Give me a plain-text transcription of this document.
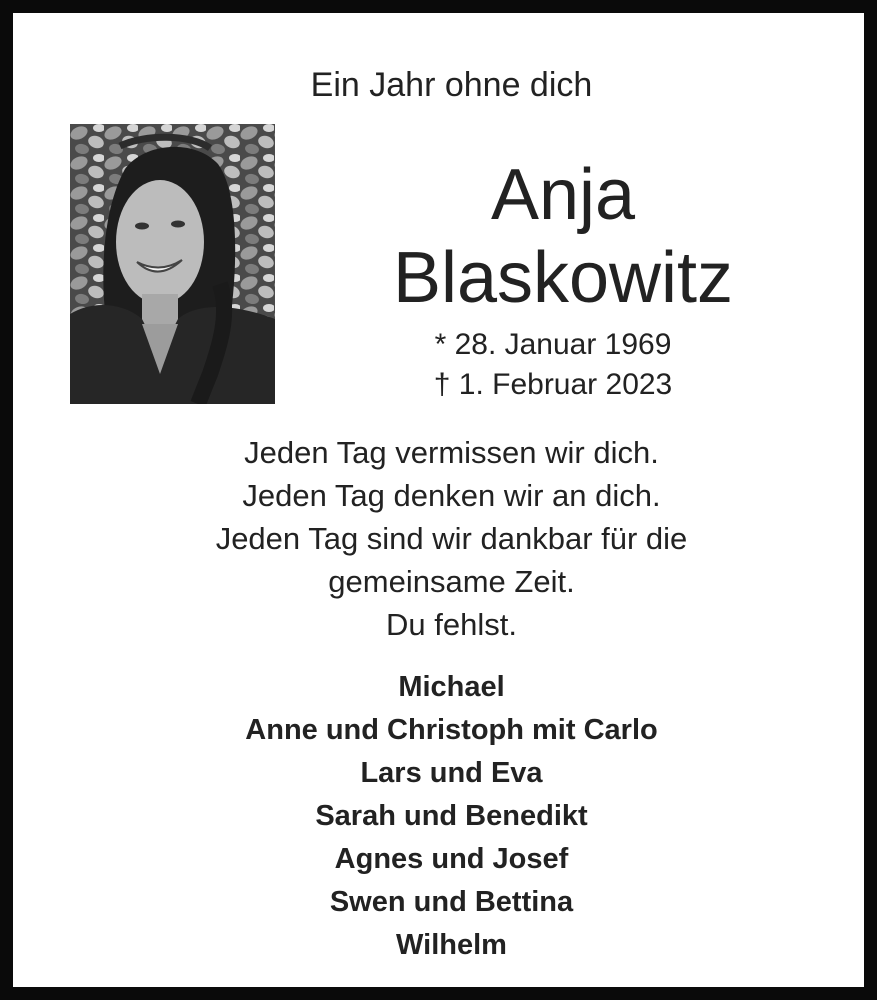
Ein Jahr ohne dich
Anja
Blaskowitz
* 28. Januar 1969
† 1. Februar 2023
Jeden Tag vermissen wir dich.
Jeden Tag denken wir an dich.
Jeden Tag sind wir dankbar für die
gemeinsame Zeit.
Du fehlst.
Michael
Anne und Christoph mit Carlo
Lars und Eva
Sarah und Benedikt
Agnes und Josef
Swen und Bettina
Wilhelm
